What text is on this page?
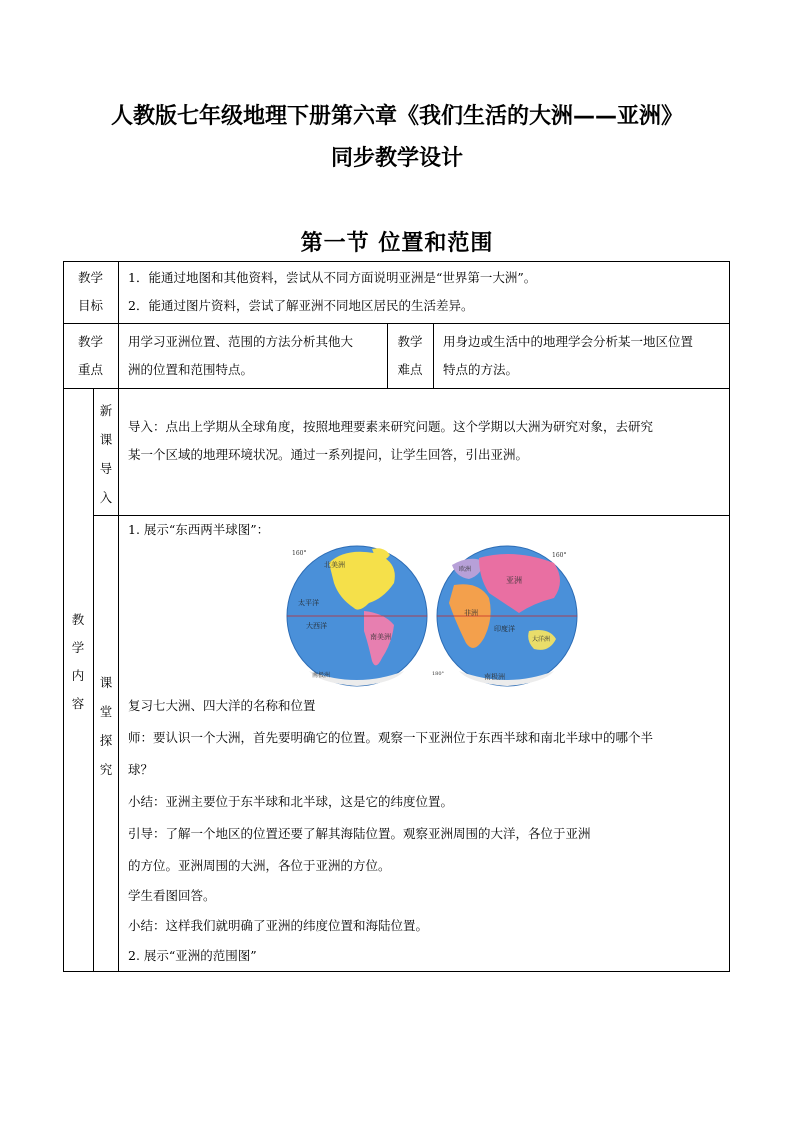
人教版七年级地理下册第六章《我们生活的大洲——亚洲》
同步教学设计
第一节 位置和范围
教学
目标
1．能通过地图和其他资料，尝试从不同方面说明亚洲是“世界第一大洲”。
2．能通过图片资料，尝试了解亚洲不同地区居民的生活差异。
教学
重点
用学习亚洲位置、范围的方法分析其他大
洲的位置和范围特点。
教学
难点
用身边或生活中的地理学会分析某一地区位置
特点的方法。
教
学
内
容
新
课
导
入
导入：点出上学期从全球角度，按照地理要素来研究问题。这个学期以大洲为研究对象，去研究
某一个区域的地理环境状况。通过一系列提问，让学生回答，引出亚洲。
课
堂
探
究
1. 展示“东西两半球图”：
北美洲
南美洲
太平洋
大西洋
南极洲
160°
亚洲
欧洲
非洲
印度洋
大洋洲
南极洲
160°
180°
复习七大洲、四大洋的名称和位置
师：要认识一个大洲，首先要明确它的位置。观察一下亚洲位于东西半球和南北半球中的哪个半
球？
小结：亚洲主要位于东半球和北半球，这是它的纬度位置。
引导：了解一个地区的位置还要了解其海陆位置。观察亚洲周围的大洋，各位于亚洲
的方位。亚洲周围的大洲，各位于亚洲的方位。
学生看图回答。
小结：这样我们就明确了亚洲的纬度位置和海陆位置。
2. 展示“亚洲的范围图”
